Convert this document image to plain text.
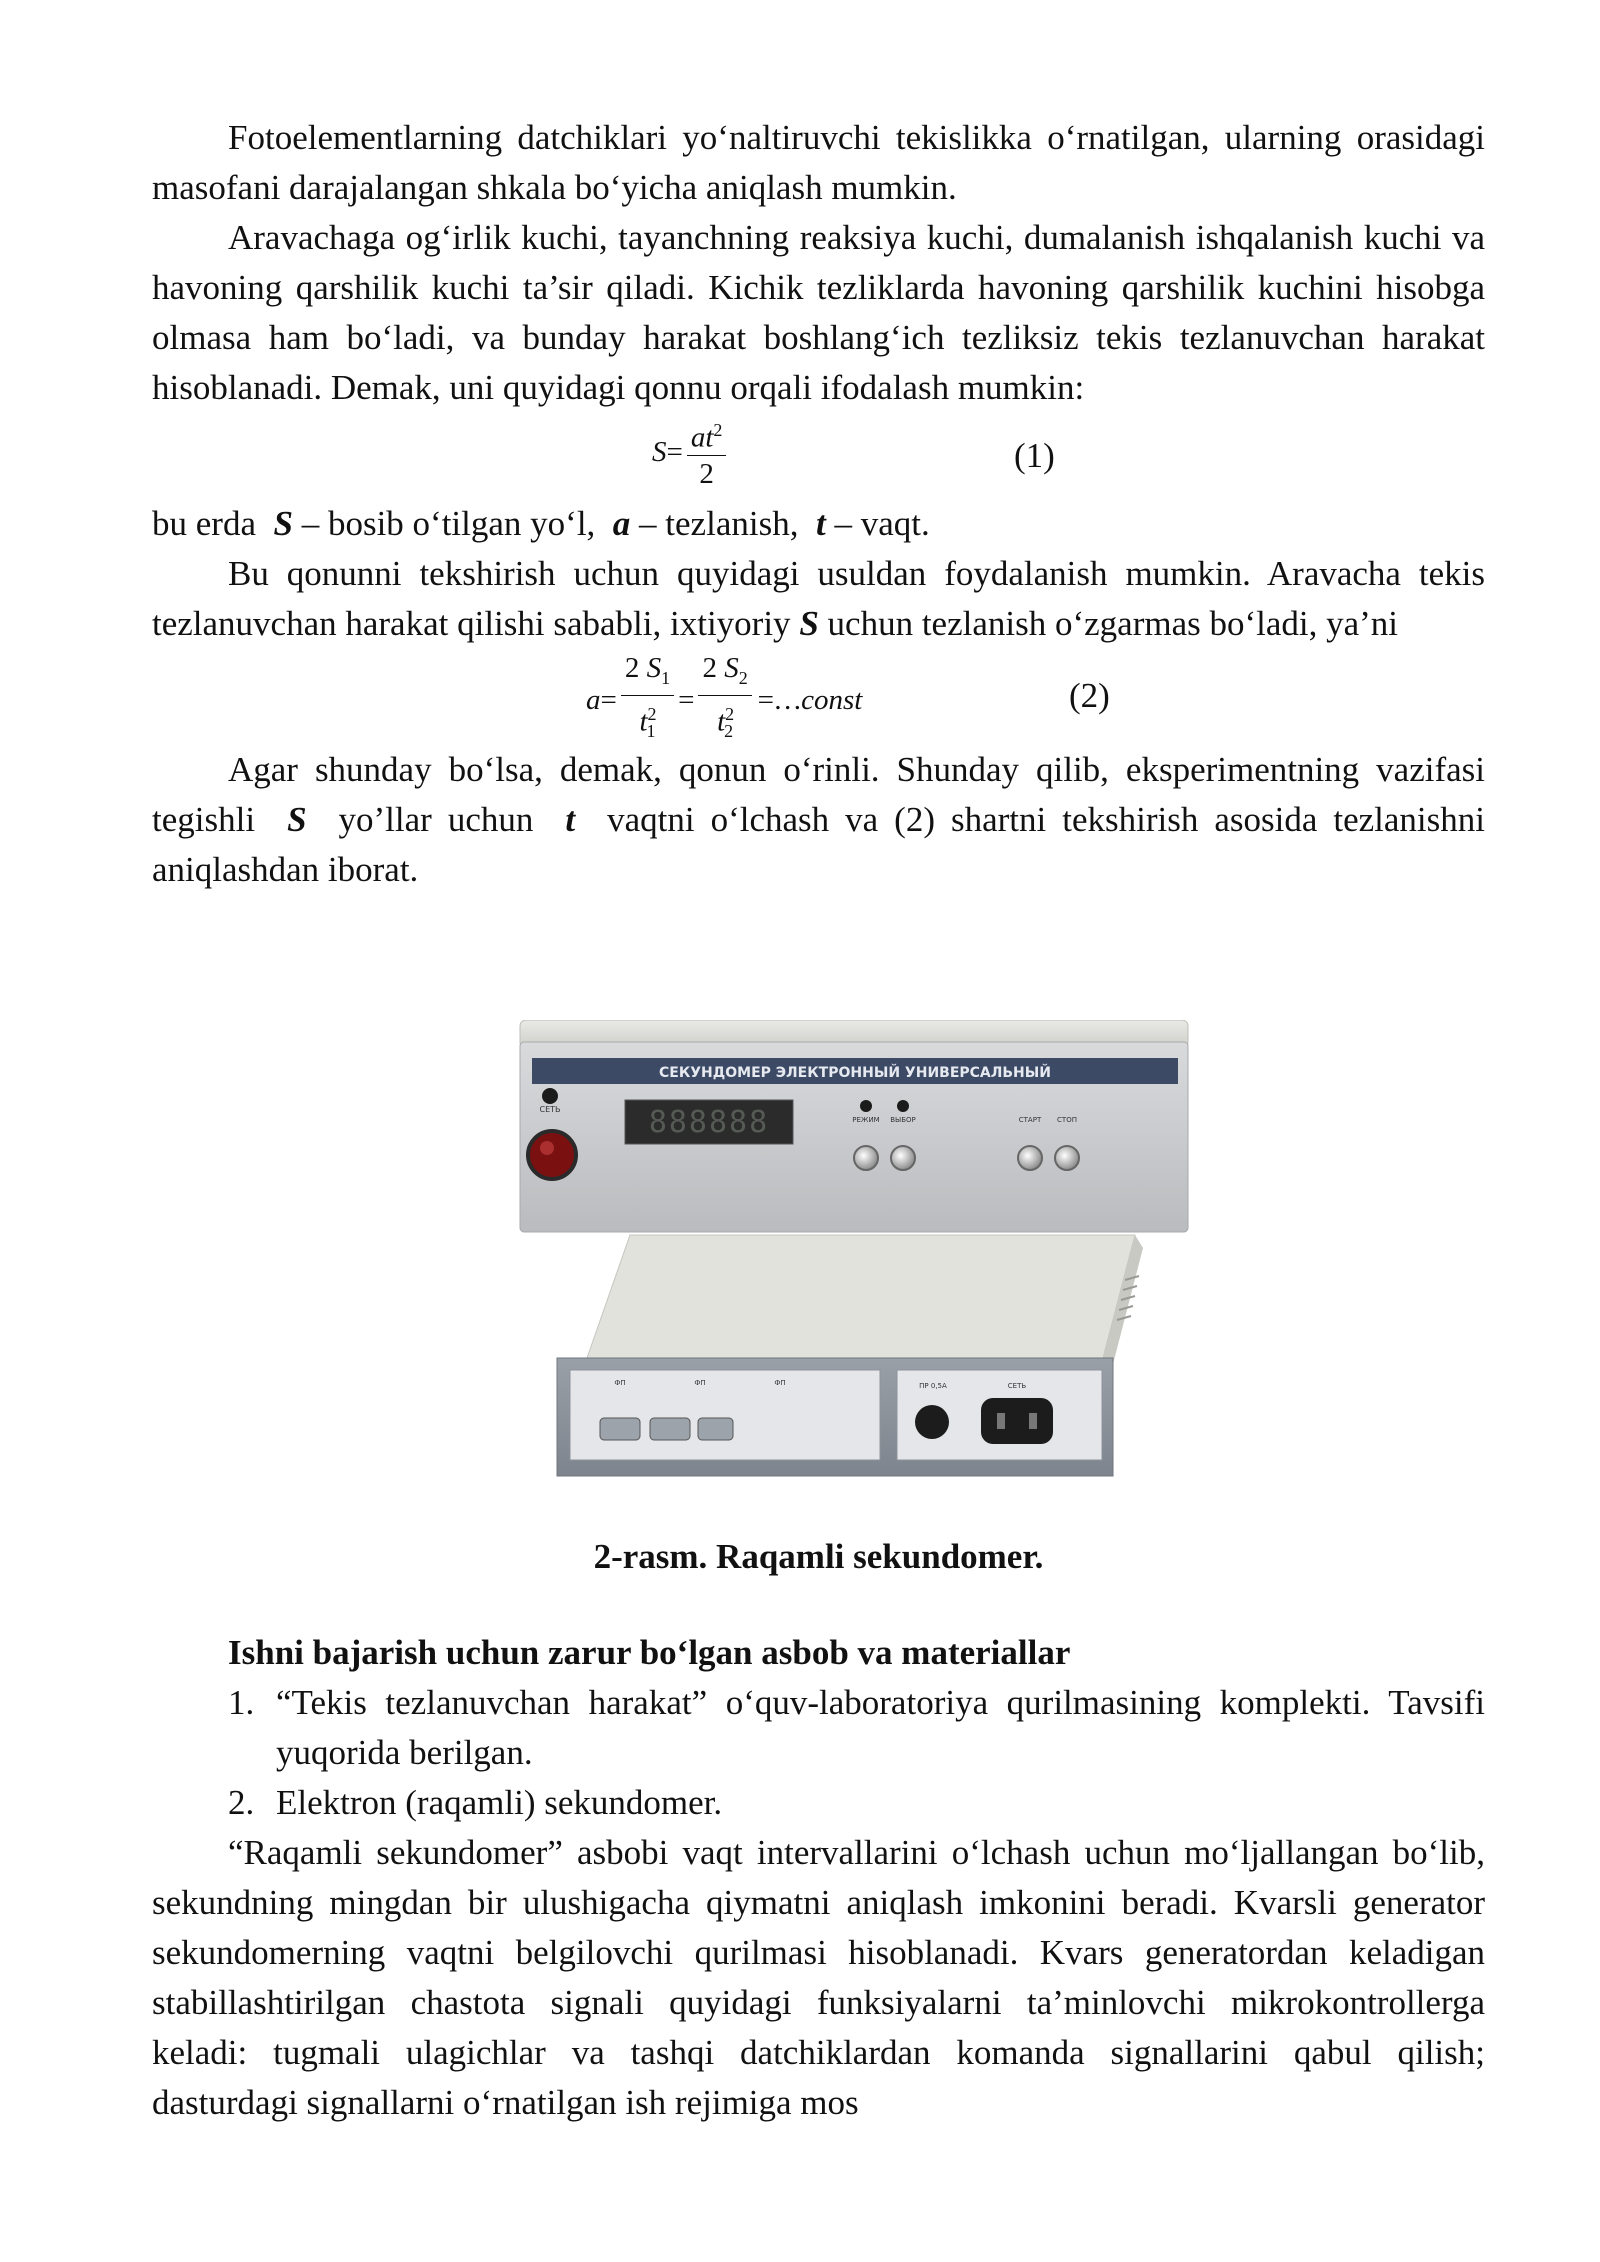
Fotoelementlarning datchiklari yo‘naltiruvchi tekislikka o‘rnatilgan, ularning orasidagi masofani darajalangan shkala bo‘yicha aniqlash mumkin.

Aravachaga og‘irlik kuchi, tayanchning reaksiya kuchi, dumalanish ishqalanish kuchi va havoning qarshilik kuchi ta’sir qiladi. Kichik tezliklarda havoning qarshilik kuchini hisobga olmasa ham bo‘ladi, va bunday harakat boshlang‘ich tezliksiz tekis tezlanuvchan harakat hisoblanadi. Demak, uni quyidagi qonnu orqali ifodalash mumkin:

$S = \frac{at^2}{2}$	(1)

bu erda S – bosib o‘tilgan yo‘l, a – tezlanish, t – vaqt.

Bu qonunni tekshirish uchun quyidagi usuldan foydalanish mumkin. Aravacha tekis tezlanuvchan harakat qilishi sababli, ixtiyoriy S uchun tezlanish o‘zgarmas bo‘ladi, ya’ni

$a = \frac{2 S_1}{t^2_1} = \frac{2 S_2}{t^2_2}$ =…const	(2)

Agar shunday bo‘lsa, demak, qonun o‘rinli. Shunday qilib, eksperimentning vazifasi tegishli S yo’llar uchun t vaqtni o‘lchash va (2) shartni tekshirish asosida tezlanishni aniqlashdan iborat.

СЕКУНДОМЕР ЭЛЕКТРОННЫЙ УНИВЕРСАЛЬНЫЙ
СЕТЬ	888888	РЕЖИМ ВЫБОР	СТАРТ СТОП
ФП	ФП	ФП	ПР 0,5А	СЕТЬ
2-rasm. Raqamli sekundomer.
Ishni bajarish uchun zarur bo‘lgan asbob va materiallar
1. “Tekis tezlanuvchan harakat” o‘quv-laboratoriya qurilmasining komplekti. Tavsifi yuqorida berilgan.
2. Elektron (raqamli) sekundomer.

“Raqamli sekundomer” asbobi vaqt intervallarini o‘lchash uchun mo‘ljallangan bo‘lib, sekundning mingdan bir ulushigacha qiymatni aniqlash imkonini beradi. Kvarsli generator sekundomerning vaqtni belgilovchi qurilmasi hisoblanadi. Kvars generatordan keladigan stabillashtirilgan chastota signali quyidagi funksiyalarni ta’minlovchi mikrokontrollerga keladi: tugmali ulagichlar va tashqi datchiklardan komanda signallarini qabul qilish; dasturdagi signallarni o‘rnatilgan ish rejimiga mos
